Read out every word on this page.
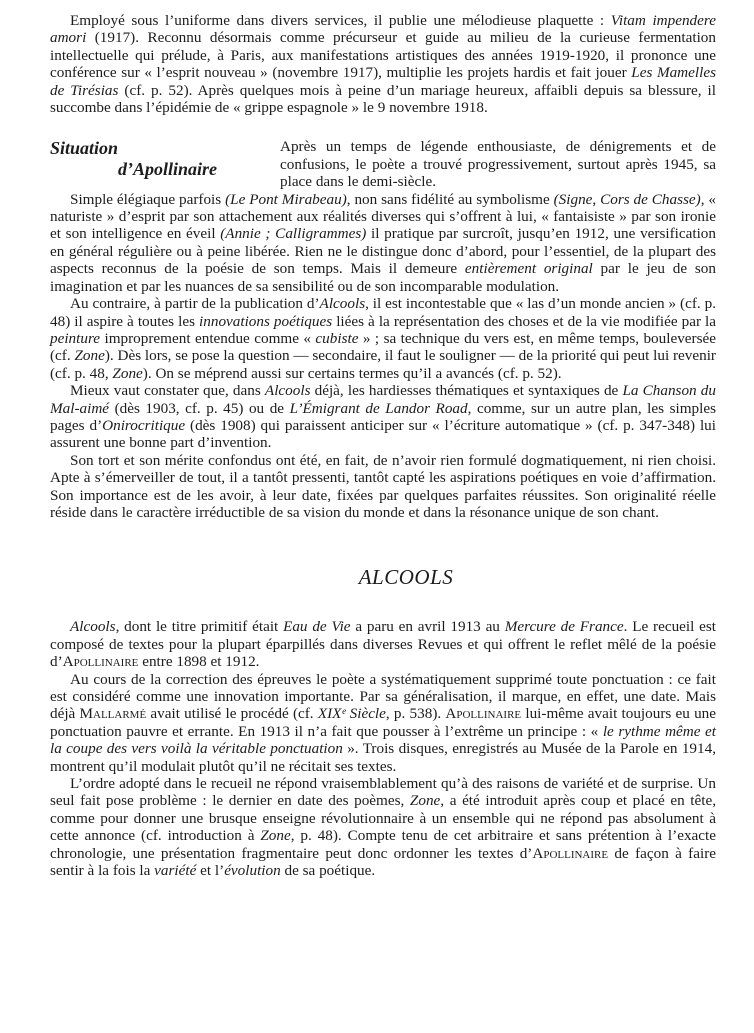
Employé sous l’uniforme dans divers services, il publie une mélodieuse plaquette : Vitam impendere amori (1917). Reconnu désormais comme précurseur et guide au milieu de la curieuse fermentation intellectuelle qui prélude, à Paris, aux manifestations artistiques des années 1919-1920, il prononce une conférence sur « l’esprit nouveau » (novembre 1917), multiplie les projets hardis et fait jouer Les Mamelles de Tirésias (cf. p. 52). Après quelques mois à peine d’un mariage heureux, affaibli depuis sa blessure, il succombe dans l’épidémie de « grippe espagnole » le 9 novembre 1918.

Situation
d’Apollinaire

Après un temps de légende enthousiaste, de dénigrements et de confusions, le poète a trouvé progressivement, surtout après 1945, sa place dans le demi-siècle.

Simple élégiaque parfois (Le Pont Mirabeau), non sans fidélité au symbolisme (Signe, Cors de Chasse), « naturiste » d’esprit par son attachement aux réalités diverses qui s’offrent à lui, « fantaisiste » par son ironie et son intelligence en éveil (Annie ; Calligrammes) il pratique par surcroît, jusqu’en 1912, une versification en général régulière ou à peine libérée. Rien ne le distingue donc d’abord, pour l’essentiel, de la plupart des aspects reconnus de la poésie de son temps. Mais il demeure entièrement original par le jeu de son imagination et par les nuances de sa sensibilité ou de son incomparable modulation.

Au contraire, à partir de la publication d’Alcools, il est incontestable que « las d’un monde ancien » (cf. p. 48) il aspire à toutes les innovations poétiques liées à la représentation des choses et de la vie modifiée par la peinture improprement entendue comme « cubiste » ; sa technique du vers est, en même temps, bouleversée (cf. Zone). Dès lors, se pose la question — secondaire, il faut le souligner — de la priorité qui peut lui revenir (cf. p. 48, Zone). On se méprend aussi sur certains termes qu’il a avancés (cf. p. 52).

Mieux vaut constater que, dans Alcools déjà, les hardiesses thématiques et syntaxiques de La Chanson du Mal-aimé (dès 1903, cf. p. 45) ou de L’Émigrant de Landor Road, comme, sur un autre plan, les simples pages d’Onirocritique (dès 1908) qui paraissent anticiper sur « l’écriture automatique » (cf. p. 347-348) lui assurent une bonne part d’invention.

Son tort et son mérite confondus ont été, en fait, de n’avoir rien formulé dogmatiquement, ni rien choisi. Apte à s’émerveiller de tout, il a tantôt pressenti, tantôt capté les aspirations poétiques en voie d’affirmation. Son importance est de les avoir, à leur date, fixées par quelques parfaites réussites. Son originalité réelle réside dans le caractère irréductible de sa vision du monde et dans la résonance unique de son chant.

ALCOOLS

Alcools, dont le titre primitif était Eau de Vie a paru en avril 1913 au Mercure de France. Le recueil est composé de textes pour la plupart éparpillés dans diverses Revues et qui offrent le reflet mêlé de la poésie d’Apollinaire entre 1898 et 1912.

Au cours de la correction des épreuves le poète a systématiquement supprimé toute ponctuation : ce fait est considéré comme une innovation importante. Par sa généralisation, il marque, en effet, une date. Mais déjà Mallarmé avait utilisé le procédé (cf. XIXᵉ Siècle, p. 538). Apollinaire lui-même avait toujours eu une ponctuation pauvre et errante. En 1913 il n’a fait que pousser à l’extrême un principe : « le rythme même et la coupe des vers voilà la véritable ponctuation ». Trois disques, enregistrés au Musée de la Parole en 1914, montrent qu’il modulait plutôt qu’il ne récitait ses textes.

L’ordre adopté dans le recueil ne répond vraisemblablement qu’à des raisons de variété et de surprise. Un seul fait pose problème : le dernier en date des poèmes, Zone, a été introduit après coup et placé en tête, comme pour donner une brusque enseigne révolutionnaire à un ensemble qui ne répond pas absolument à cette annonce (cf. introduction à Zone, p. 48). Compte tenu de cet arbitraire et sans prétention à l’exacte chronologie, une présentation fragmentaire peut donc ordonner les textes d’Apollinaire de façon à faire sentir à la fois la variété et l’évolution de sa poétique.
